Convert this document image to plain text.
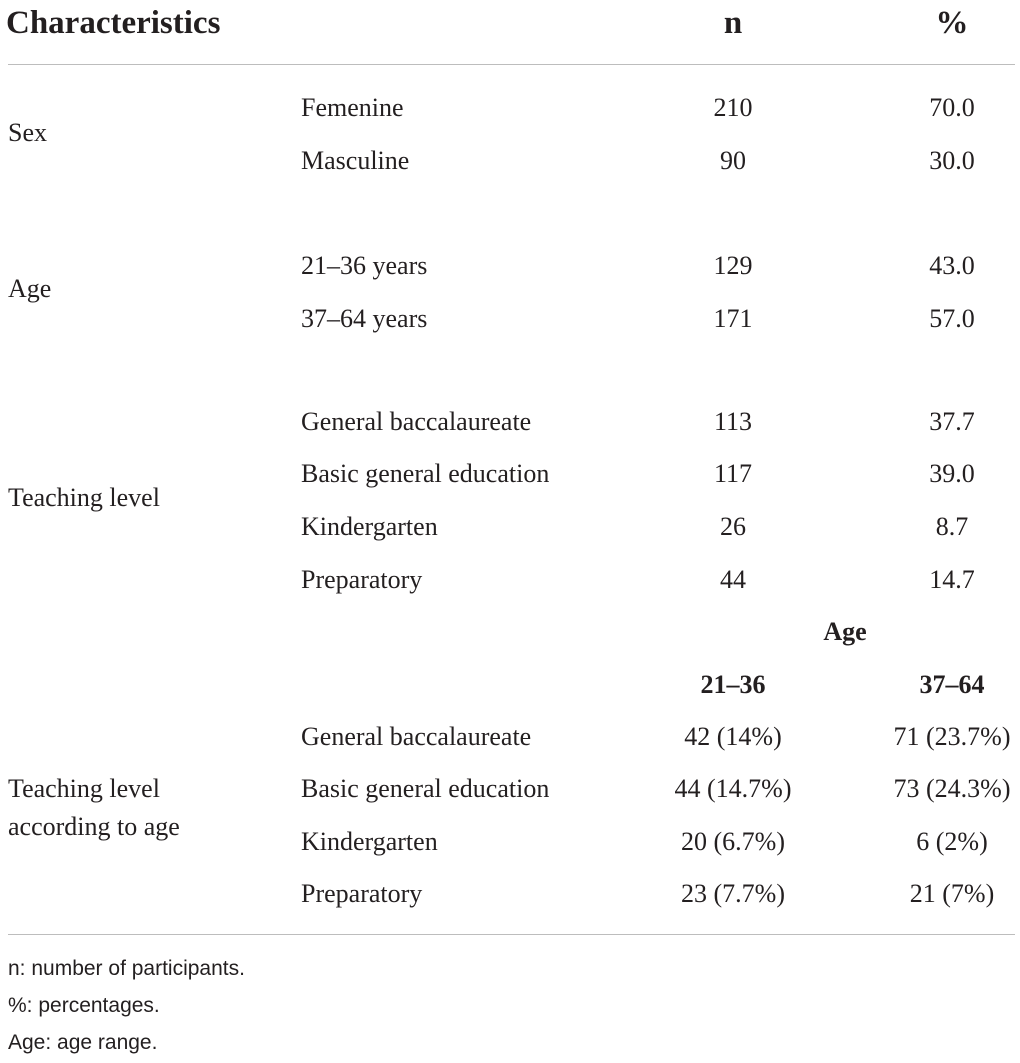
Characteristics	n	%
Sex
Femenine	210	70.0
Masculine	90	30.0
Age
21–36 years	129	43.0
37–64 years	171	57.0
Teaching level
General baccalaureate	113	37.7
Basic general education	117	39.0
Kindergarten	26	8.7
Preparatory	44	14.7
Age
21–36	37–64
Teaching level
according to age
General baccalaureate	42 (14%)	71 (23.7%)
Basic general education	44 (14.7%)	73 (24.3%)
Kindergarten	20 (6.7%)	6 (2%)
Preparatory	23 (7.7%)	21 (7%)
n: number of participants.
%: percentages.
Age: age range.
